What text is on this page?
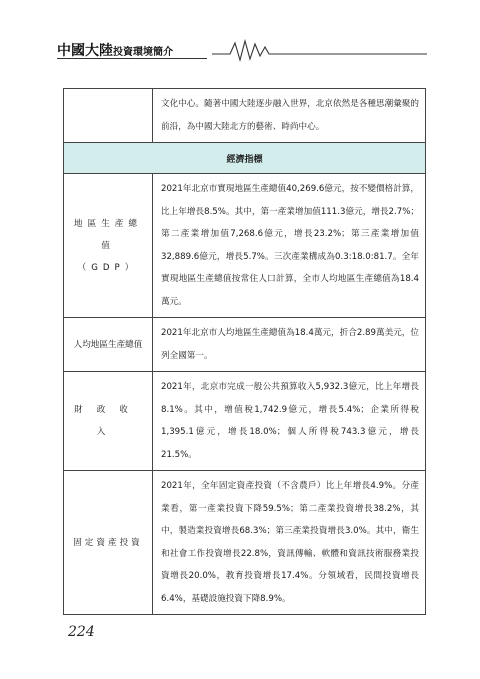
中國大陸投資環境簡介
	文化中心。隨著中國大陸逐步融入世界，北京依然是各種思潮彙聚的前沿，為中國大陸北方的藝術、時尚中心。
經濟指標	

地區生產總值
（GDP）	2021年北京市實現地區生產總值40,269.6億元，按不變價格計算，比上年增長8.5%。其中，第一產業增加值111.3億元，增長2.7%；第二產業增加值7,268.6億元，增長23.2%；第三產業增加值32,889.6億元，增長5.7%。三次產業構成為0.3:18.0:81.7。全年實現地區生產總值按常住人口計算，全市人均地區生產總值為18.4萬元。

人均地區生產總值	2021年北京市人均地區生產總值為18.4萬元，折合2.89萬美元，位列全國第一。

財政收入	2021年，北京市完成一般公共預算收入5,932.3億元，比上年增長8.1%。其中，增值稅1,742.9億元，增長5.4%；企業所得稅1,395.1億元，增長18.0%；個人所得稅743.3億元，增長21.5%。

固定資產投資	2021年，全年固定資產投資（不含農戶）比上年增長4.9%。分產業看，第一產業投資下降59.5%；第二產業投資增長38.2%，其中，製造業投資增長68.3%；第三產業投資增長3.0%。其中，衛生和社會工作投資增長22.8%，資訊傳輸、軟體和資訊技術服務業投資增長20.0%，教育投資增長17.4%。分領域看，民間投資增長6.4%，基礎設施投資下降8.9%。
224
